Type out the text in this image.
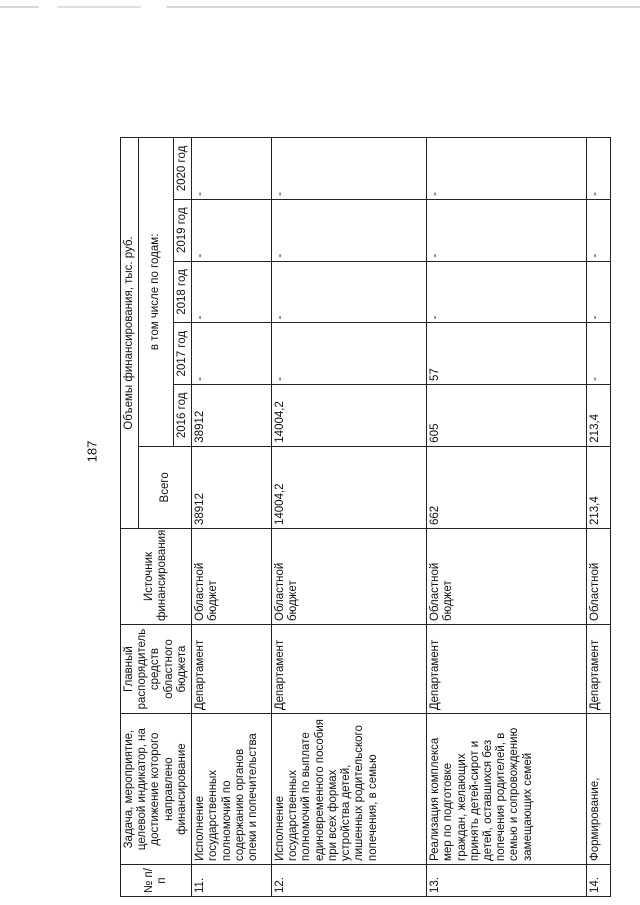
187
№ п/п	Задача, мероприятие, целевой индикатор, на достижение которого направлено финансирование	Главный распорядитель средств областного бюджета	Источник финансирования	Объемы финансирования, тыс. руб.					
				Всего	в том числе по годам:				
					2016 год	2017 год	2018 год	2019 год	2020 год
11.	Исполнение государственных полномочий по содержанию органов опеки и попечительства	Департамент	Областной бюджет	38912	38912	-	-	-	-
12.	Исполнение государственных полномочий по выплате единовременного пособия при всех формах устройства детей, лишенных родительского попечения, в семью	Департамент	Областной бюджет	14004,2	14004,2	-	-	-	-
13.	Реализация комплекса мер по подготовке граждан, желающих принять детей-сирот и детей, оставшихся без попечения родителей, в семью и сопровождению замещающих семей	Департамент	Областной бюджет	662	605	57	-	-	-
14.	Формирование,	Департамент	Областной	213,4	213,4	-	-	-	-
